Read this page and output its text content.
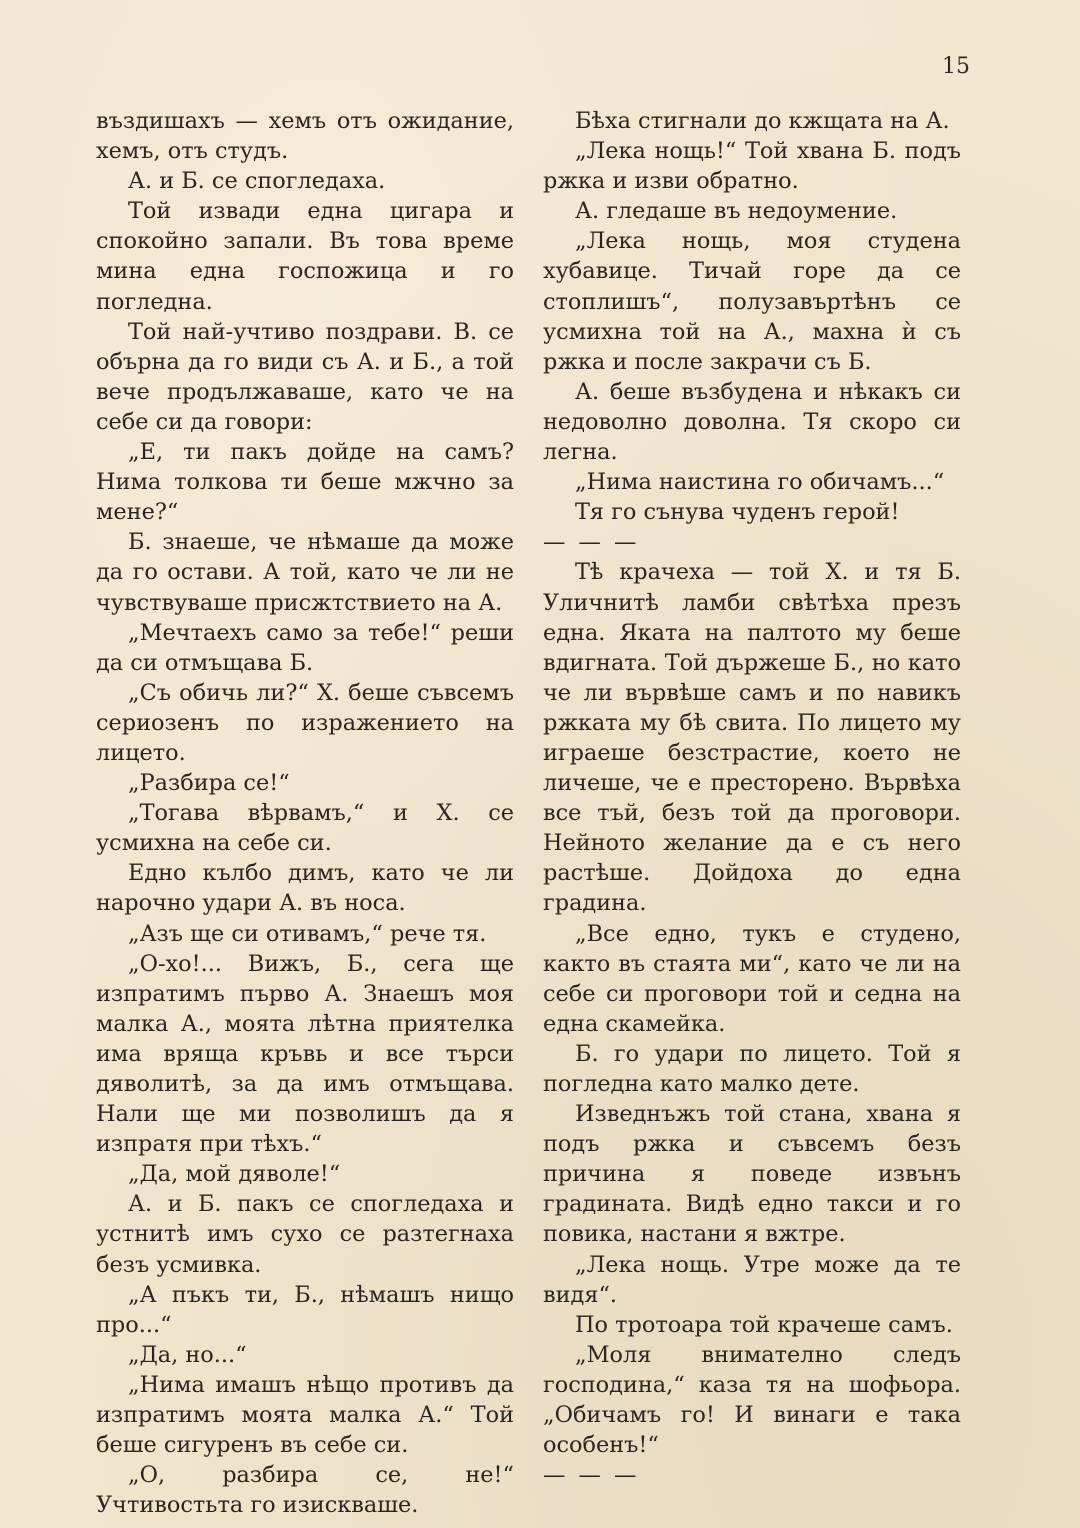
15

въздишахъ — хемъ отъ ожидание, хемъ, отъ студъ.

А. и Б. се спогледаха.

Той извади една цигара и спокойно запали. Въ това време мина една госпожица и го погледна.

Той най-учтиво поздрави. В. се обърна да го види съ А. и Б., а той вече продължаваше, като че на себе си да говори:

„Е, ти пакъ дойде на самъ? Нима толкова ти беше мжчно за мене?“

Б. знаеше, че нѣмаше да може да го остави. А той, като че ли не чувствуваше присжтствието на А.

„Мечтаехъ само за тебе!“ реши да си отмъщава Б.

„Съ обичь ли?“ Х. беше съвсемъ сериозенъ по изражението на лицето.

„Разбира се!“

„Тогава вѣрвамъ,“ и Х. се усмихна на себе си.

Едно кълбо димъ, като че ли нарочно удари А. въ носа.

„Азъ ще си отивамъ,“ рече тя.

„О-хо!... Вижъ, Б., сега ще изпратимъ първо А. Знаешъ моя малка А., моята лѣтна приятелка има вряща кръвь и все търси дяволитѣ, за да имъ отмъщава. Нали ще ми позволишъ да я изпратя при тѣхъ.“

„Да, мой дяволе!“

А. и Б. пакъ се спогледаха и устнитѣ имъ сухо се разтегнаха безъ усмивка.

„А пъкъ ти, Б., нѣмашъ нищо про...“

„Да, но...“

„Нима имашъ нѣщо противъ да изпратимъ моята малка А.“ Той беше сигуренъ въ себе си.

„О, разбира се, не!“ Учтивостьта го изискваше.

Бѣха стигнали до кжщата на А.

„Лека нощь!“ Той хвана Б. подъ ржка и изви обратно.

А. гледаше въ недоумение.

„Лека нощь, моя студена хубавице. Тичай горе да се стоплишъ“, полузавъртѣнъ се усмихна той на А., махна ѝ съ ржка и после закрачи съ Б.

А. беше възбудена и нѣкакъ си недоволно доволна. Тя скоро си легна.

„Нима наистина го обичамъ...“

Тя го сънува чуденъ герой!

— — —

Тѣ крачеха — той Х. и тя Б. Уличнитѣ ламби свѣтѣха презъ една. Яката на палтото му беше вдигната. Той държеше Б., но като че ли вървѣше самъ и по навикъ ржката му бѣ свита. По лицето му играеше безстрастие, което не личеше, че е престорено. Вървѣха все тъй, безъ той да проговори. Нейното желание да е съ него растѣше. Дойдоха до една градина.

„Все едно, тукъ е студено, както въ стаята ми“, като че ли на себе си проговори той и седна на една скамейка.

Б. го удари по лицето. Той я погледна като малко дете.

Изведнъжъ той стана, хвана я подъ ржка и съвсемъ безъ причина я поведе извънъ градината. Видѣ едно такси и го повика, настани я вжтре.

„Лека нощь. Утре може да те видя“.

По тротоара той крачеше самъ.

„Моля внимателно следъ господина,“ каза тя на шофьора. „Обичамъ го! И винаги е така особенъ!“

— — —
